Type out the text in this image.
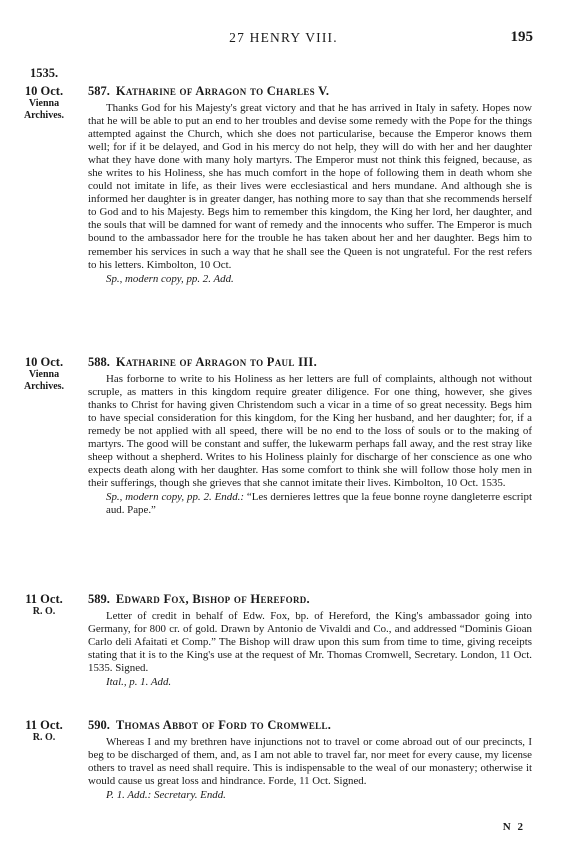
27 HENRY VIII.	195
1535.
10 Oct.
Vienna Archives.

587. Katharine of Arragon to Charles V.

Thanks God for his Majesty's great victory and that he has arrived in Italy in safety. Hopes now that he will be able to put an end to her troubles and devise some remedy with the Pope for the things attempted against the Church, which she does not particularise, because the Emperor knows them well; for if it be delayed, and God in his mercy do not help, they will do with her and her daughter what they have done with many holy martyrs. The Emperor must not think this feigned, because, as she writes to his Holiness, she has much comfort in the hope of following them in death whom she could not imitate in life, as their lives were ecclesiastical and hers mundane. And although she is informed her daughter is in greater danger, has nothing more to say than that she recommends herself to God and to his Majesty. Begs him to remember this kingdom, the King her lord, her daughter, and the souls that will be damned for want of remedy and the innocents who suffer. The Emperor is much bound to the ambassador here for the trouble he has taken about her and her daughter. Begs him to remember his services in such a way that he shall see the Queen is not ungrateful. For the rest refers to his letters. Kimbolton, 10 Oct.

Sp., modern copy, pp. 2. Add.

10 Oct.
Vienna Archives.

588. Katharine of Arragon to Paul III.

Has forborne to write to his Holiness as her letters are full of complaints, although not without scruple, as matters in this kingdom require greater diligence. For one thing, however, she gives thanks to Christ for having given Christendom such a vicar in a time of so great necessity. Begs him to have special consideration for this kingdom, for the King her husband, and her daughter; for, if a remedy be not applied with all speed, there will be no end to the loss of souls or to the making of martyrs. The good will be constant and suffer, the lukewarm perhaps fall away, and the rest stray like sheep without a shepherd. Writes to his Holiness plainly for discharge of her conscience as one who expects death along with her daughter. Has some comfort to think she will follow those holy men in their sufferings, though she grieves that she cannot imitate their lives. Kimbolton, 10 Oct. 1535.

Sp., modern copy, pp. 2. Endd.: “Les dernieres lettres que la feue bonne royne dangleterre escript aud. Pape.”

11 Oct.
R. O.

589. Edward Fox, Bishop of Hereford.

Letter of credit in behalf of Edw. Fox, bp. of Hereford, the King's ambassador going into Germany, for 800 cr. of gold. Drawn by Antonio de Vivaldi and Co., and addressed “Dominis Gioan Carlo deli Afaitati et Comp.” The Bishop will draw upon this sum from time to time, giving receipts stating that it is to the King's use at the request of Mr. Thomas Cromwell, Secretary. London, 11 Oct. 1535. Signed.

Ital., p. 1. Add.

11 Oct.
R. O.

590. Thomas Abbot of Ford to Cromwell.

Whereas I and my brethren have injunctions not to travel or come abroad out of our precincts, I beg to be discharged of them, and, as I am not able to travel far, nor meet for every cause, my license others to travel as need shall require. This is indispensable to the weal of our monastery; otherwise it would cause us great loss and hindrance. Forde, 11 Oct. Signed.

P. 1. Add.: Secretary. Endd.

N 2
